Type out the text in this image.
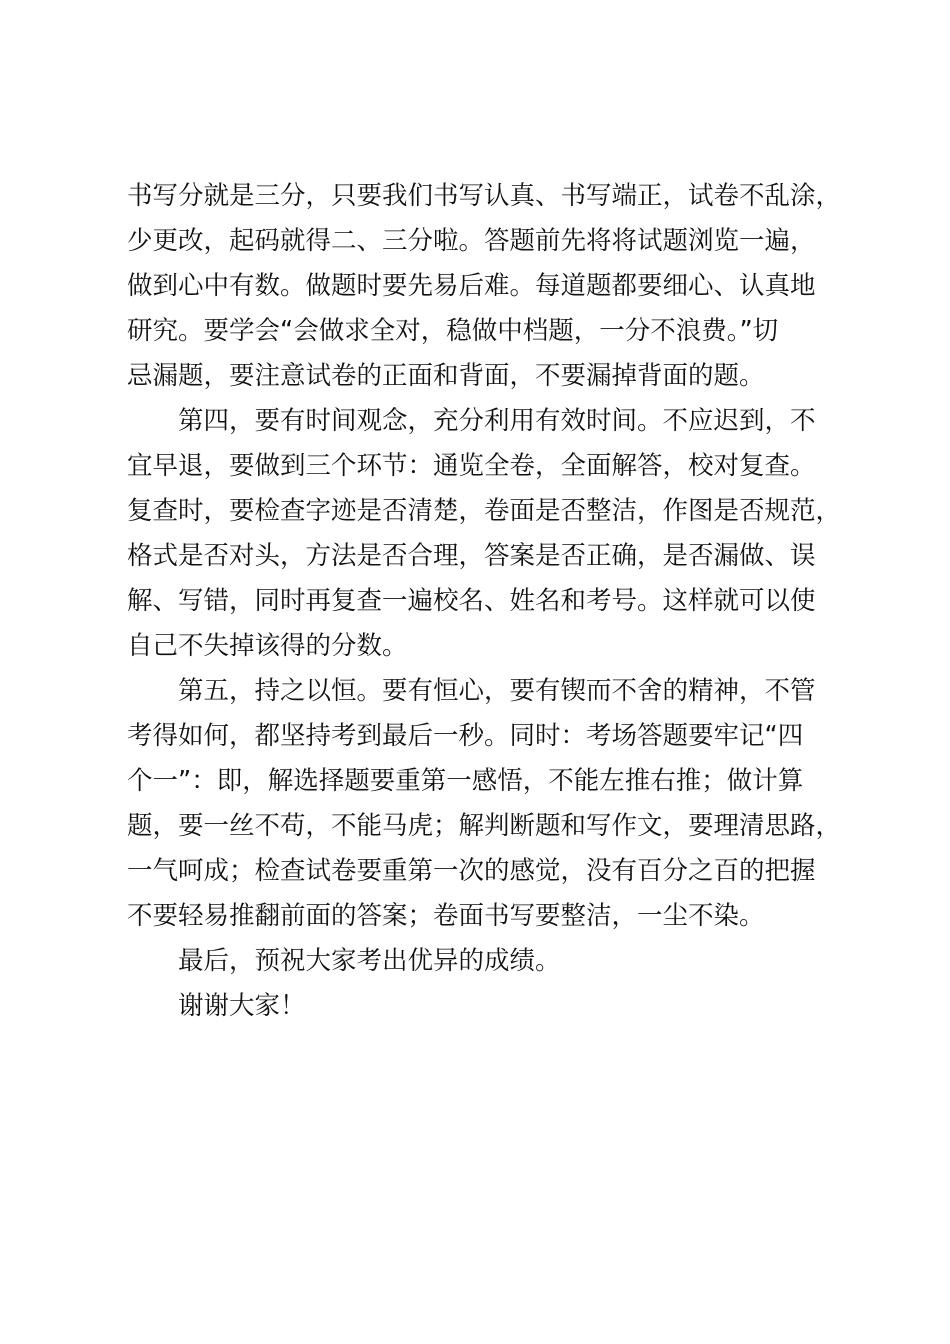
书写分就是三分，只要我们书写认真、书写端正，试卷不乱涂，
少更改，起码就得二、三分啦。答题前先将将试题浏览一遍，
做到心中有数。做题时要先易后难。每道题都要细心、认真地
研究。要学会“会做求全对，稳做中档题，一分不浪费。”切
忌漏题，要注意试卷的正面和背面，不要漏掉背面的题。
第四，要有时间观念，充分利用有效时间。不应迟到，不
宜早退，要做到三个环节：通览全卷，全面解答，校对复查。
复查时，要检查字迹是否清楚，卷面是否整洁，作图是否规范，
格式是否对头，方法是否合理，答案是否正确，是否漏做、误
解、写错，同时再复查一遍校名、姓名和考号。这样就可以使
自己不失掉该得的分数。
第五，持之以恒。要有恒心，要有锲而不舍的精神，不管
考得如何，都坚持考到最后一秒。同时：考场答题要牢记“四
个一”：即，解选择题要重第一感悟，不能左推右推；做计算
题，要一丝不苟，不能马虎；解判断题和写作文，要理清思路，
一气呵成；检查试卷要重第一次的感觉，没有百分之百的把握
不要轻易推翻前面的答案；卷面书写要整洁，一尘不染。
最后，预祝大家考出优异的成绩。
谢谢大家！
